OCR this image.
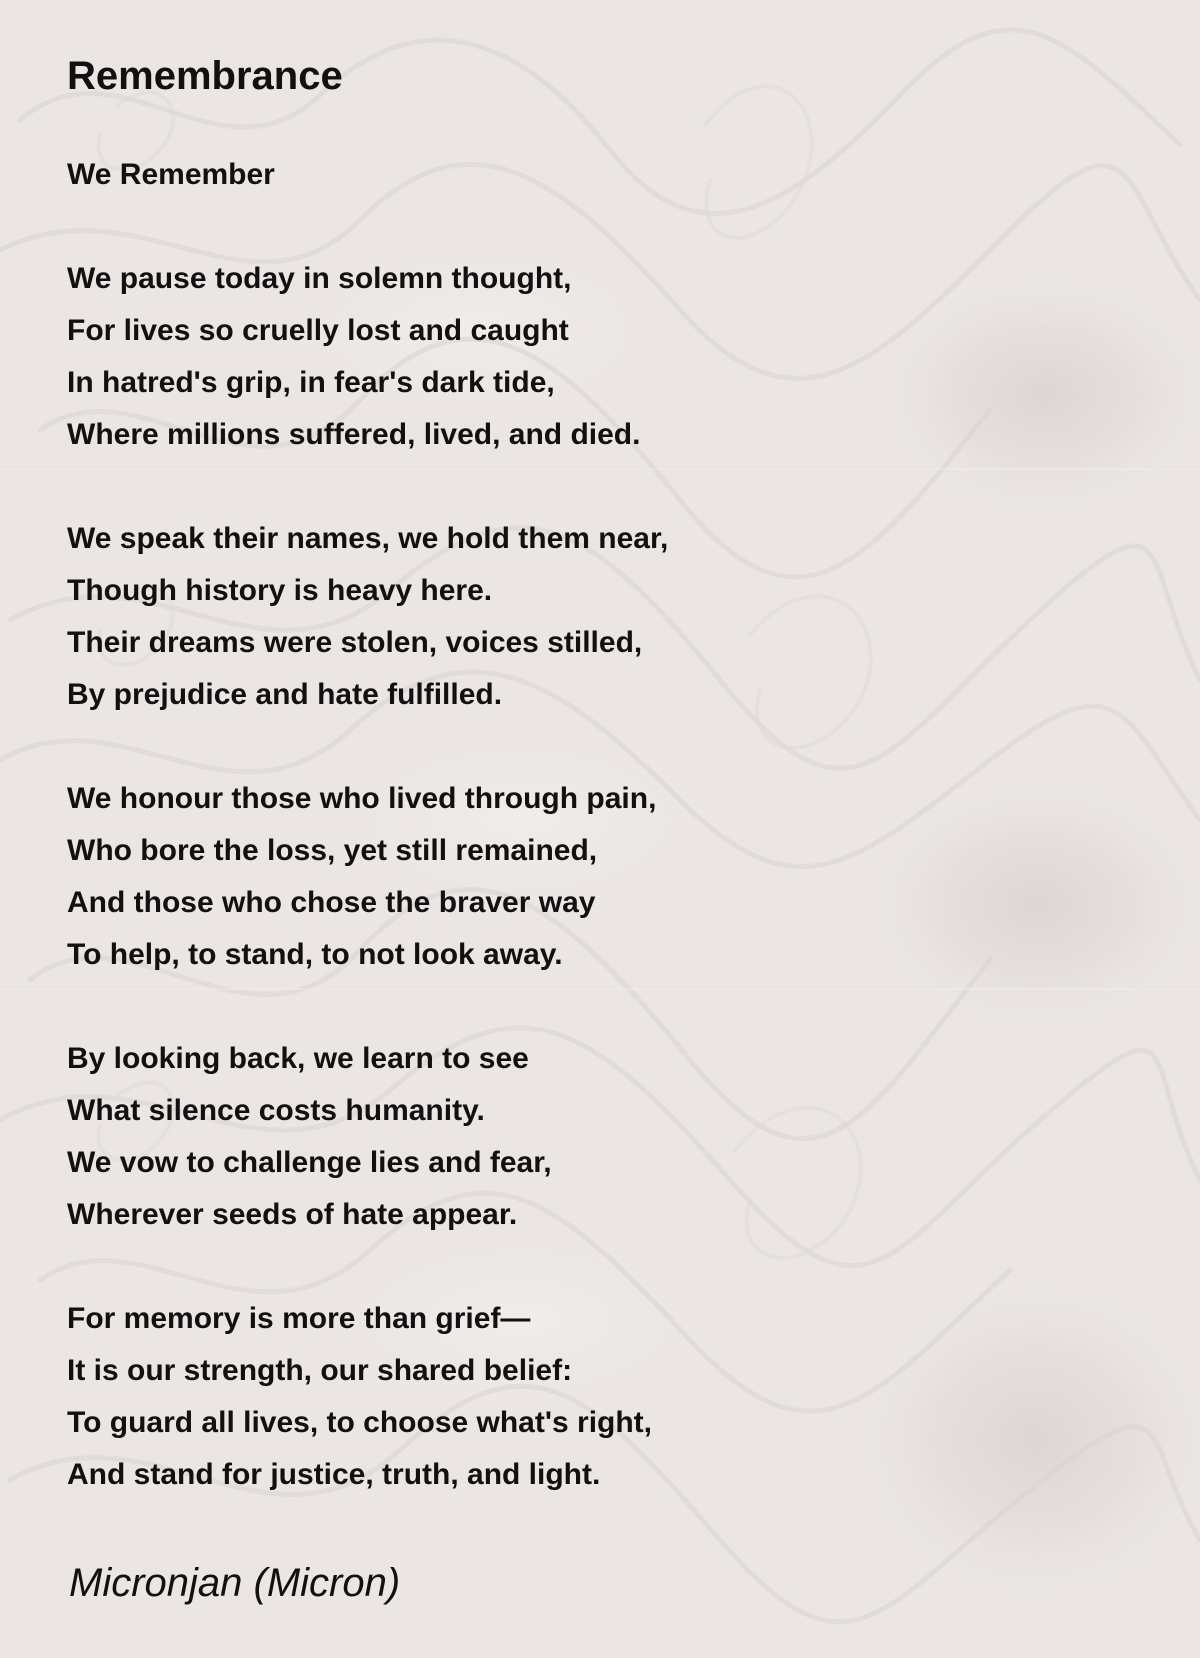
Remembrance
We Remember
We pause today in solemn thought,
For lives so cruelly lost and caught
In hatred's grip, in fear's dark tide,
Where millions suffered, lived, and died.
We speak their names, we hold them near,
Though history is heavy here.
Their dreams were stolen, voices stilled,
By prejudice and hate fulfilled.
We honour those who lived through pain,
Who bore the loss, yet still remained,
And those who chose the braver way
To help, to stand, to not look away.
By looking back, we learn to see
What silence costs humanity.
We vow to challenge lies and fear,
Wherever seeds of hate appear.
For memory is more than grief—
It is our strength, our shared belief:
To guard all lives, to choose what's right,
And stand for justice, truth, and light.
Micronjan (Micron)
